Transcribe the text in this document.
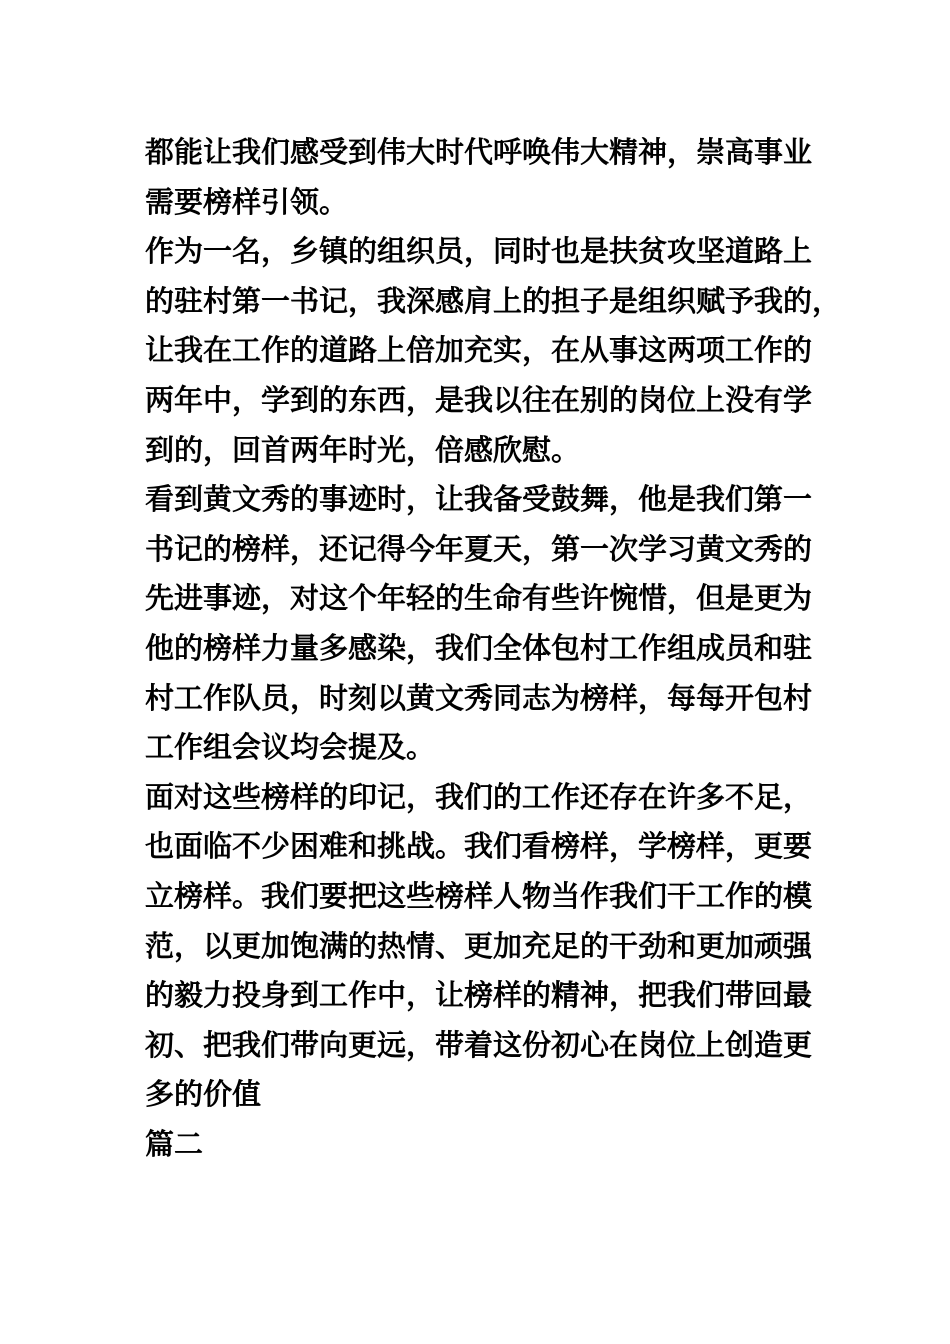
都能让我们感受到伟大时代呼唤伟大精神，崇高事业
需要榜样引领。
作为一名，乡镇的组织员，同时也是扶贫攻坚道路上
的驻村第一书记，我深感肩上的担子是组织赋予我的，
让我在工作的道路上倍加充实，在从事这两项工作的
两年中，学到的东西，是我以往在别的岗位上没有学
到的，回首两年时光，倍感欣慰。
看到黄文秀的事迹时，让我备受鼓舞，他是我们第一
书记的榜样，还记得今年夏天，第一次学习黄文秀的
先进事迹，对这个年轻的生命有些许惋惜，但是更为
他的榜样力量多感染，我们全体包村工作组成员和驻
村工作队员，时刻以黄文秀同志为榜样，每每开包村
工作组会议均会提及。
面对这些榜样的印记，我们的工作还存在许多不足，
也面临不少困难和挑战。我们看榜样，学榜样，更要
立榜样。我们要把这些榜样人物当作我们干工作的模
范，以更加饱满的热情、更加充足的干劲和更加顽强
的毅力投身到工作中，让榜样的精神，把我们带回最
初、把我们带向更远，带着这份初心在岗位上创造更
多的价值
篇二
